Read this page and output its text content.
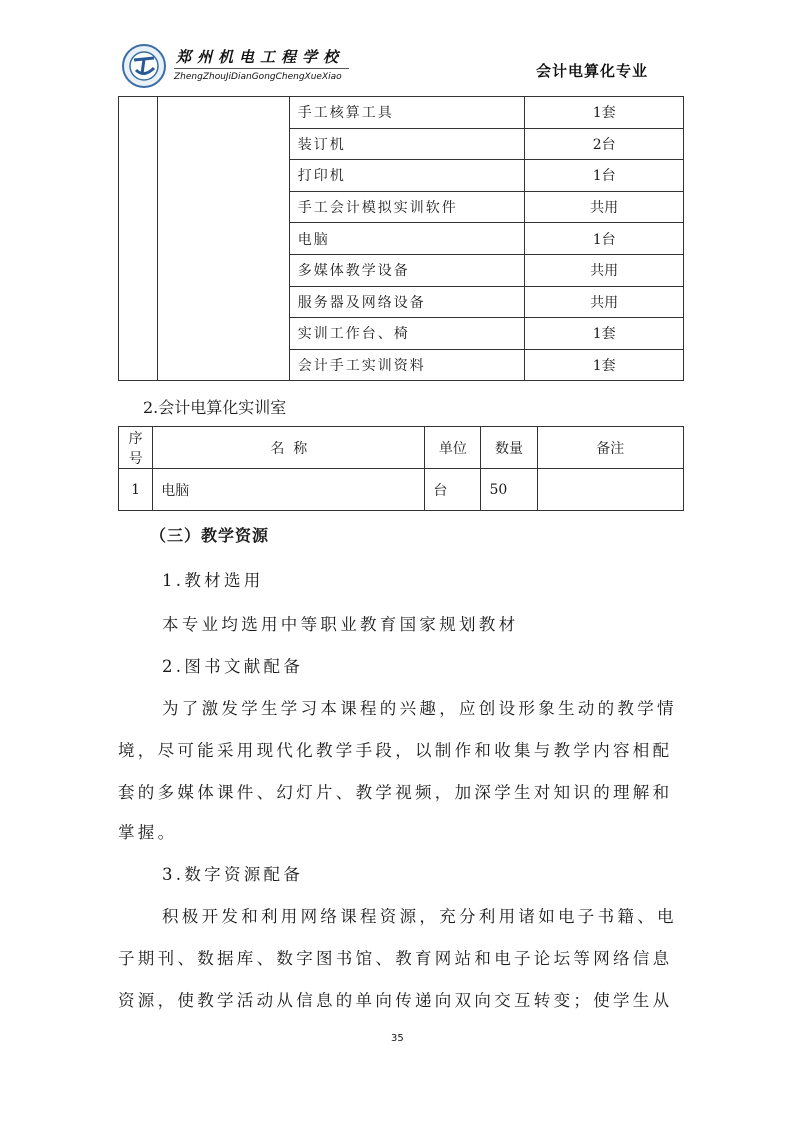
郑州机电工程学校
ZhengZhouJiDianGongChengXueXiao	会计电算化专业
		手工核算工具	1套
		装订机	2台
		打印机	1台
		手工会计模拟实训软件	共用
		电脑	1台
		多媒体教学设备	共用
		服务器及网络设备	共用
		实训工作台、椅	1套
		会计手工实训资料	1套
2.会计电算化实训室
序号	名  称	单位	数量	备注
1	电脑	台	50	
（三）教学资源
1.教材选用
本专业均选用中等职业教育国家规划教材
2.图书文献配备
为了激发学生学习本课程的兴趣，应创设形象生动的教学情
境，尽可能采用现代化教学手段，以制作和收集与教学内容相配
套的多媒体课件、幻灯片、教学视频，加深学生对知识的理解和
掌握。
3.数字资源配备
积极开发和利用网络课程资源，充分利用诸如电子书籍、电
子期刊、数据库、数字图书馆、教育网站和电子论坛等网络信息
资源，使教学活动从信息的单向传递向双向交互转变；使学生从
35
